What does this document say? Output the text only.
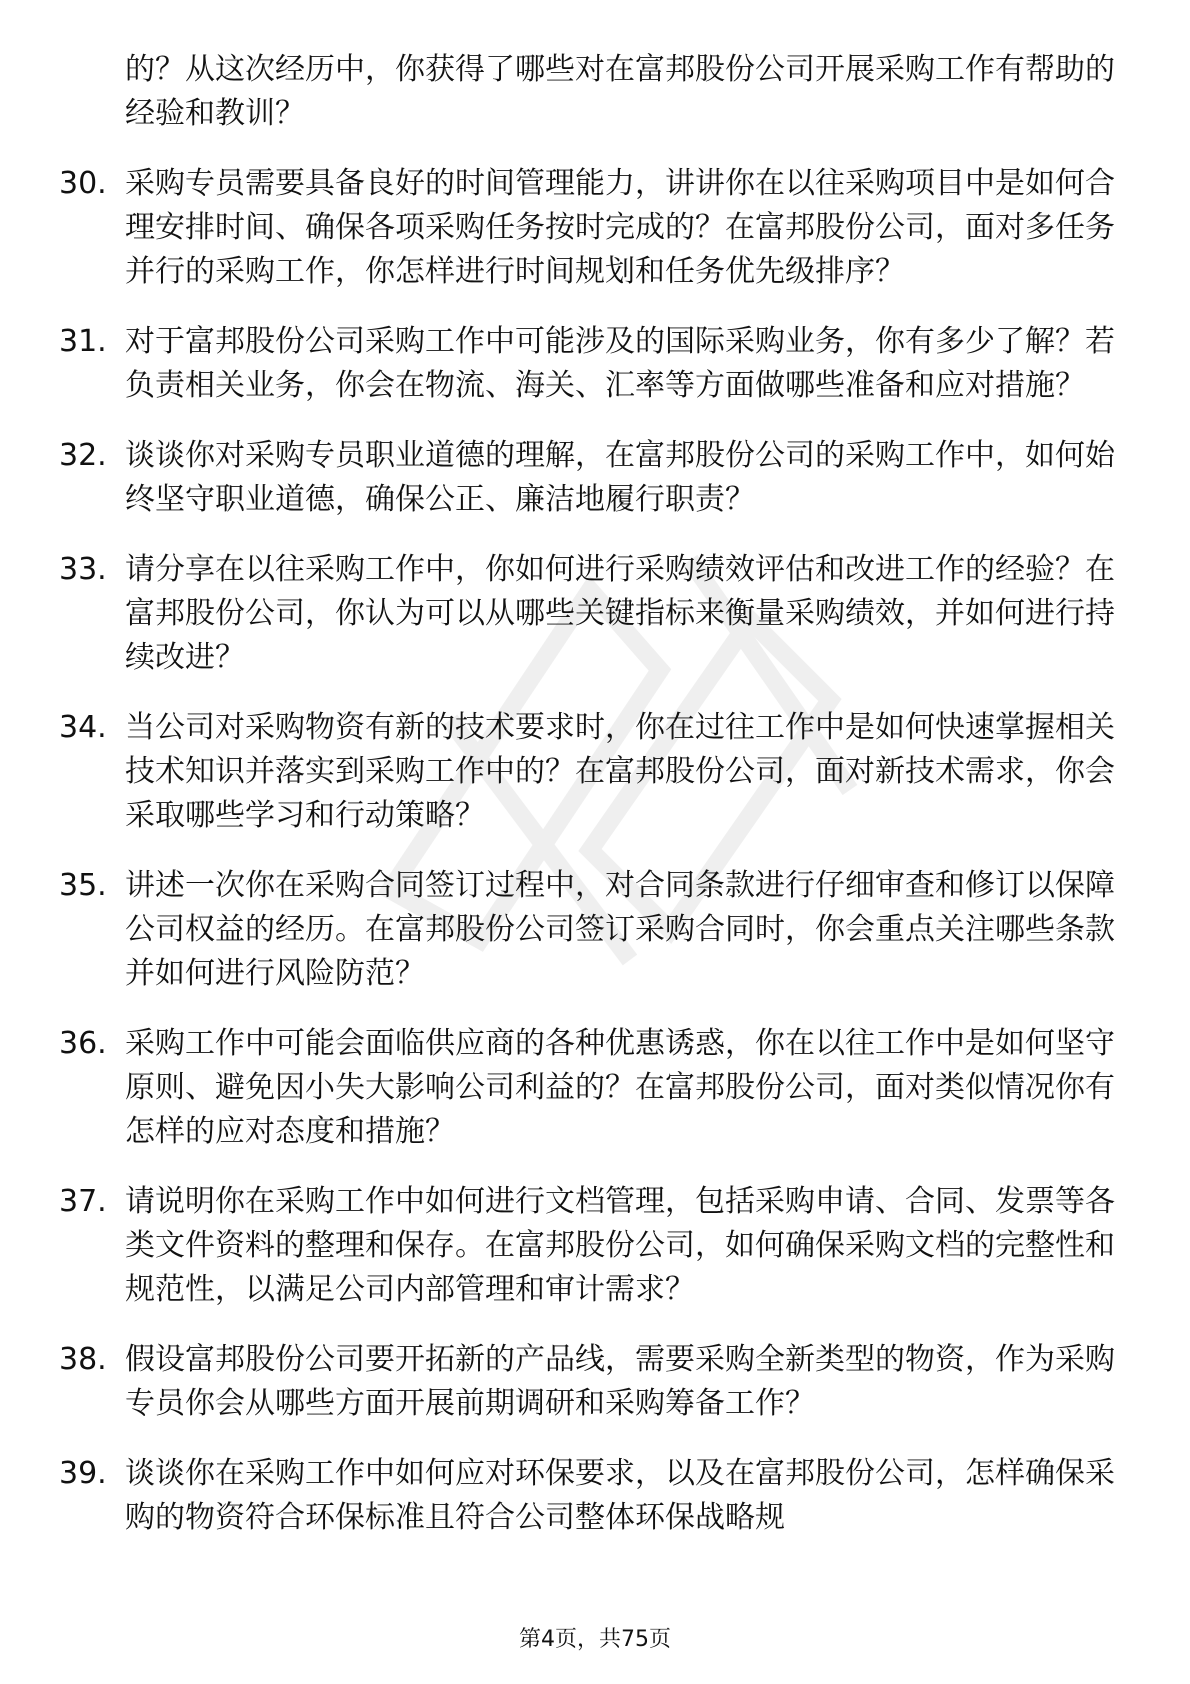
的？从这次经历中，你获得了哪些对在富邦股份公司开展采购工作有帮助的经验和教训？
30. 采购专员需要具备良好的时间管理能力，讲讲你在以往采购项目中是如何合理安排时间、确保各项采购任务按时完成的？在富邦股份公司，面对多任务并行的采购工作，你怎样进行时间规划和任务优先级排序？
31. 对于富邦股份公司采购工作中可能涉及的国际采购业务，你有多少了解？若负责相关业务，你会在物流、海关、汇率等方面做哪些准备和应对措施？
32. 谈谈你对采购专员职业道德的理解，在富邦股份公司的采购工作中，如何始终坚守职业道德，确保公正、廉洁地履行职责？
33. 请分享在以往采购工作中，你如何进行采购绩效评估和改进工作的经验？在富邦股份公司，你认为可以从哪些关键指标来衡量采购绩效，并如何进行持续改进？
34. 当公司对采购物资有新的技术要求时，你在过往工作中是如何快速掌握相关技术知识并落实到采购工作中的？在富邦股份公司，面对新技术需求，你会采取哪些学习和行动策略？
35. 讲述一次你在采购合同签订过程中，对合同条款进行仔细审查和修订以保障公司权益的经历。在富邦股份公司签订采购合同时，你会重点关注哪些条款并如何进行风险防范？
36. 采购工作中可能会面临供应商的各种优惠诱惑，你在以往工作中是如何坚守原则、避免因小失大影响公司利益的？在富邦股份公司，面对类似情况你有怎样的应对态度和措施？
37. 请说明你在采购工作中如何进行文档管理，包括采购申请、合同、发票等各类文件资料的整理和保存。在富邦股份公司，如何确保采购文档的完整性和规范性，以满足公司内部管理和审计需求？
38. 假设富邦股份公司要开拓新的产品线，需要采购全新类型的物资，作为采购专员你会从哪些方面开展前期调研和采购筹备工作？
39. 谈谈你在采购工作中如何应对环保要求，以及在富邦股份公司，怎样确保采购的物资符合环保标准且符合公司整体环保战略规
第4页，共75页
